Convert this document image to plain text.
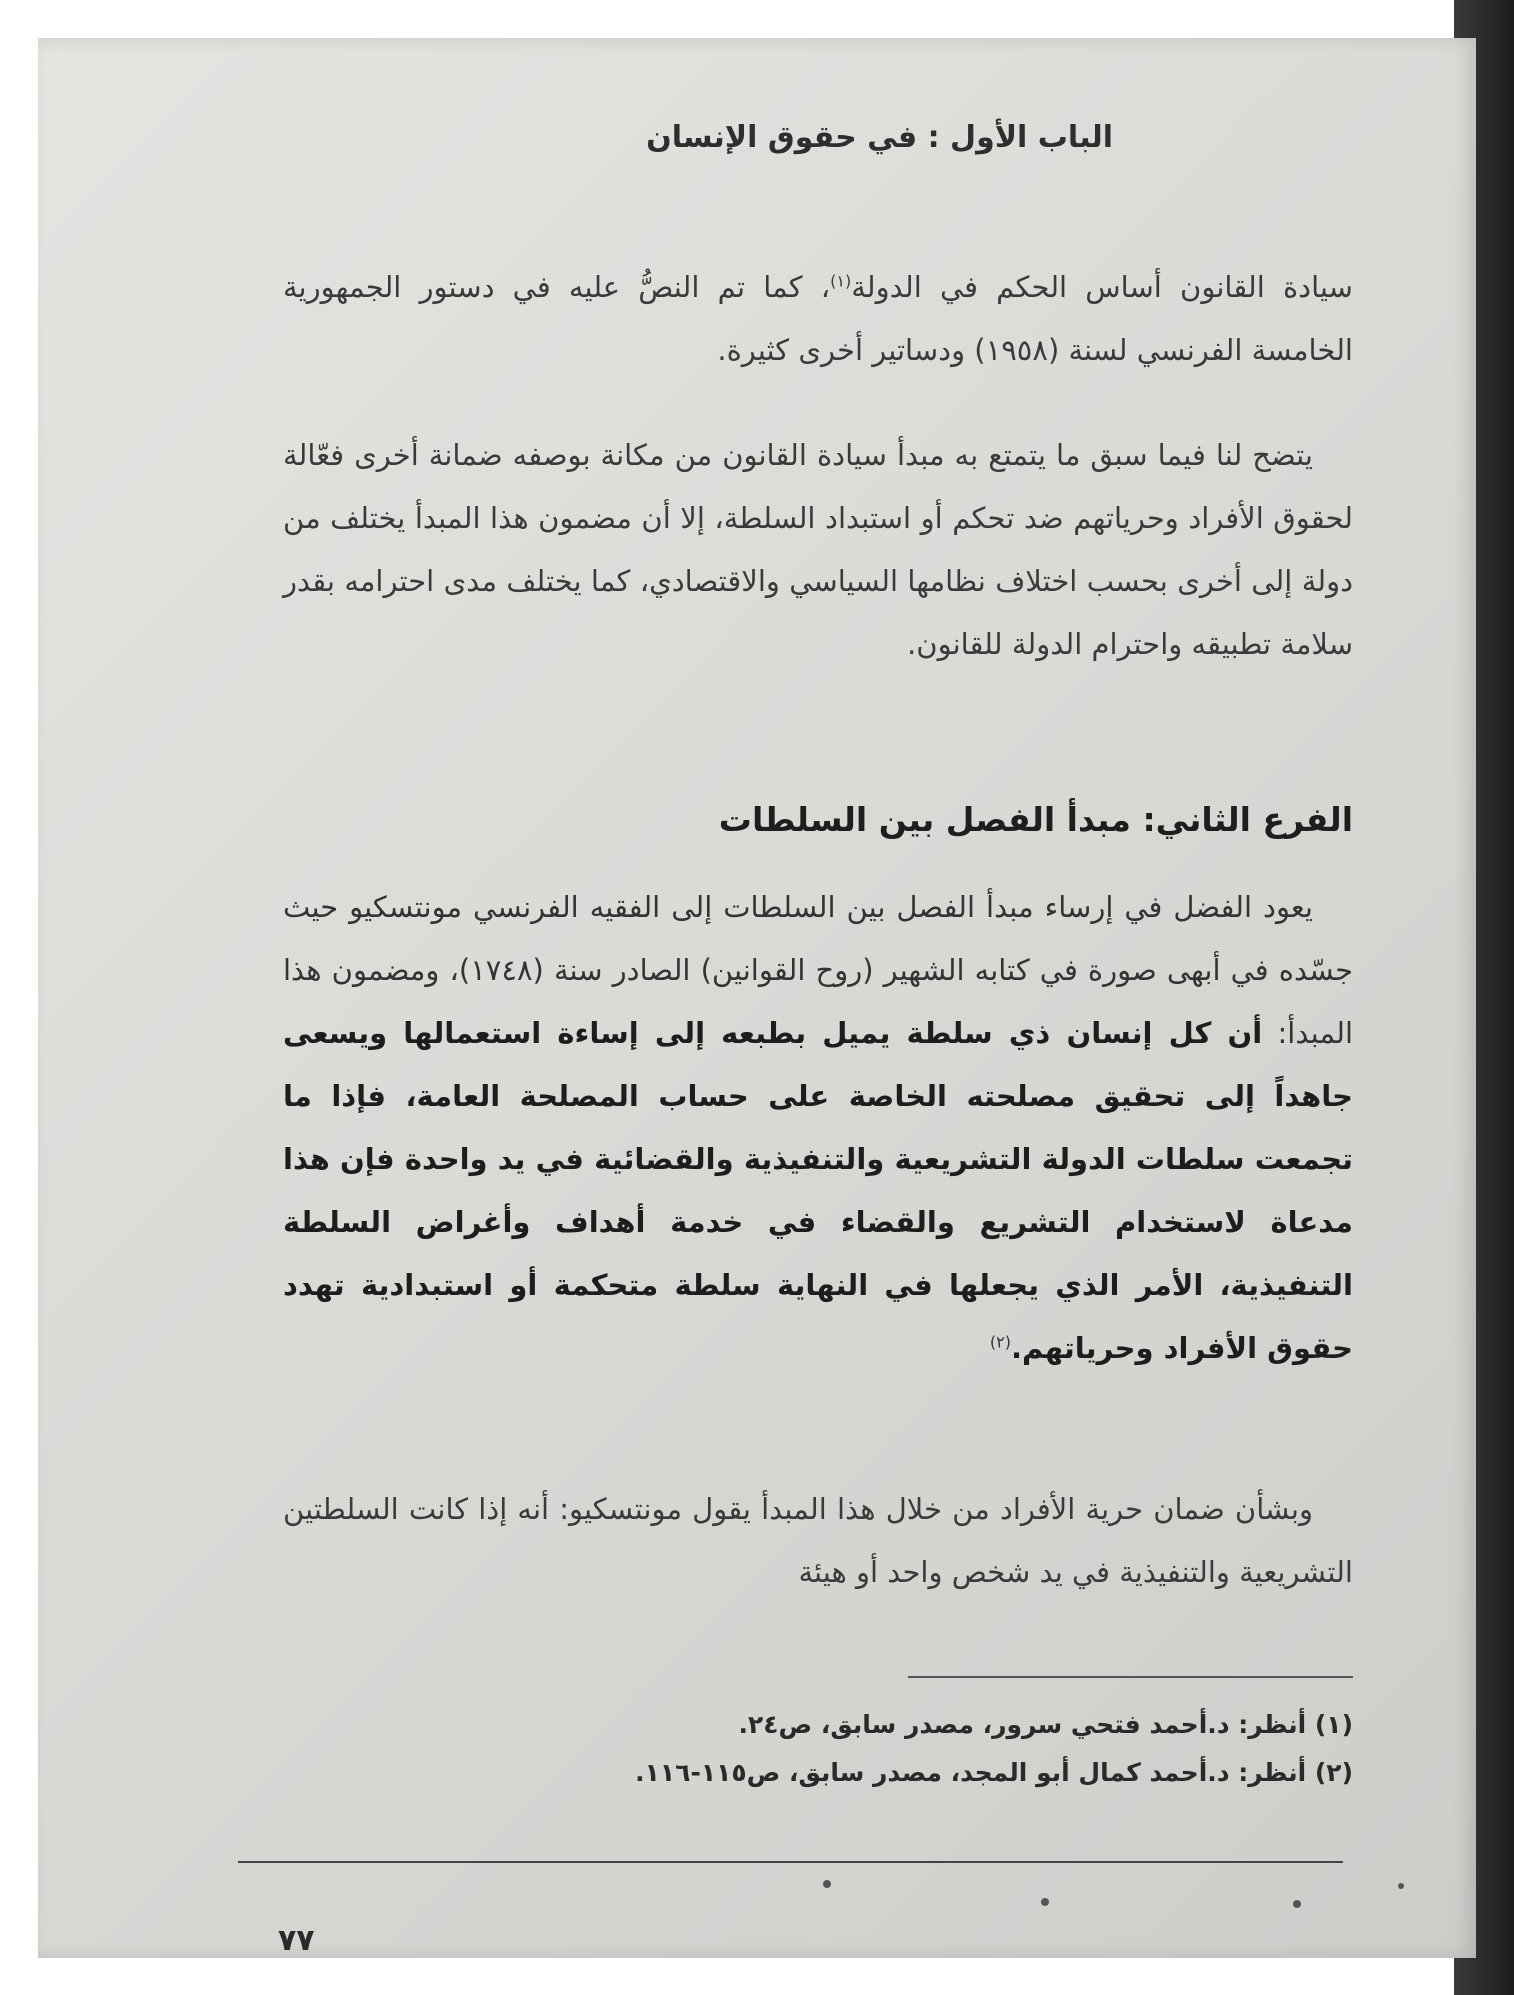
الباب الأول : في حقوق الإنسان
سيادة القانون أساس الحكم في الدولة$^{(١)}$، كما تم النصُّ عليه في دستور الجمهورية الخامسة الفرنسي لسنة (١٩٥٨) ودساتير أخرى كثيرة.
يتضح لنا فيما سبق ما يتمتع به مبدأ سيادة القانون من مكانة بوصفه ضمانة أخرى فعّالة لحقوق الأفراد وحرياتهم ضد تحكم أو استبداد السلطة، إلا أن مضمون هذا المبدأ يختلف من دولة إلى أخرى بحسب اختلاف نظامها السياسي والاقتصادي، كما يختلف مدى احترامه بقدر سلامة تطبيقه واحترام الدولة للقانون.
الفرع الثاني: مبدأ الفصل بين السلطات
يعود الفضل في إرساء مبدأ الفصل بين السلطات إلى الفقيه الفرنسي مونتسكيو حيث جسّده في أبهى صورة في كتابه الشهير (روح القوانين) الصادر سنة (١٧٤٨)، ومضمون هذا المبدأ: أن كل إنسان ذي سلطة يميل بطبعه إلى إساءة استعمالها ويسعى جاهداً إلى تحقيق مصلحته الخاصة على حساب المصلحة العامة، فإذا ما تجمعت سلطات الدولة التشريعية والتنفيذية والقضائية في يد واحدة فإن هذا مدعاة لاستخدام التشريع والقضاء في خدمة أهداف وأغراض السلطة التنفيذية، الأمر الذي يجعلها في النهاية سلطة متحكمة أو استبدادية تهدد حقوق الأفراد وحرياتهم.$^{(٢)}$
وبشأن ضمان حرية الأفراد من خلال هذا المبدأ يقول مونتسكيو: أنه إذا كانت السلطتين التشريعية والتنفيذية في يد شخص واحد أو هيئة
(١) أنظر: د.أحمد فتحي سرور، مصدر سابق، ص٢٤.
(٢) أنظر: د.أحمد كمال أبو المجد، مصدر سابق، ص١١٥-١١٦.
٧٧
